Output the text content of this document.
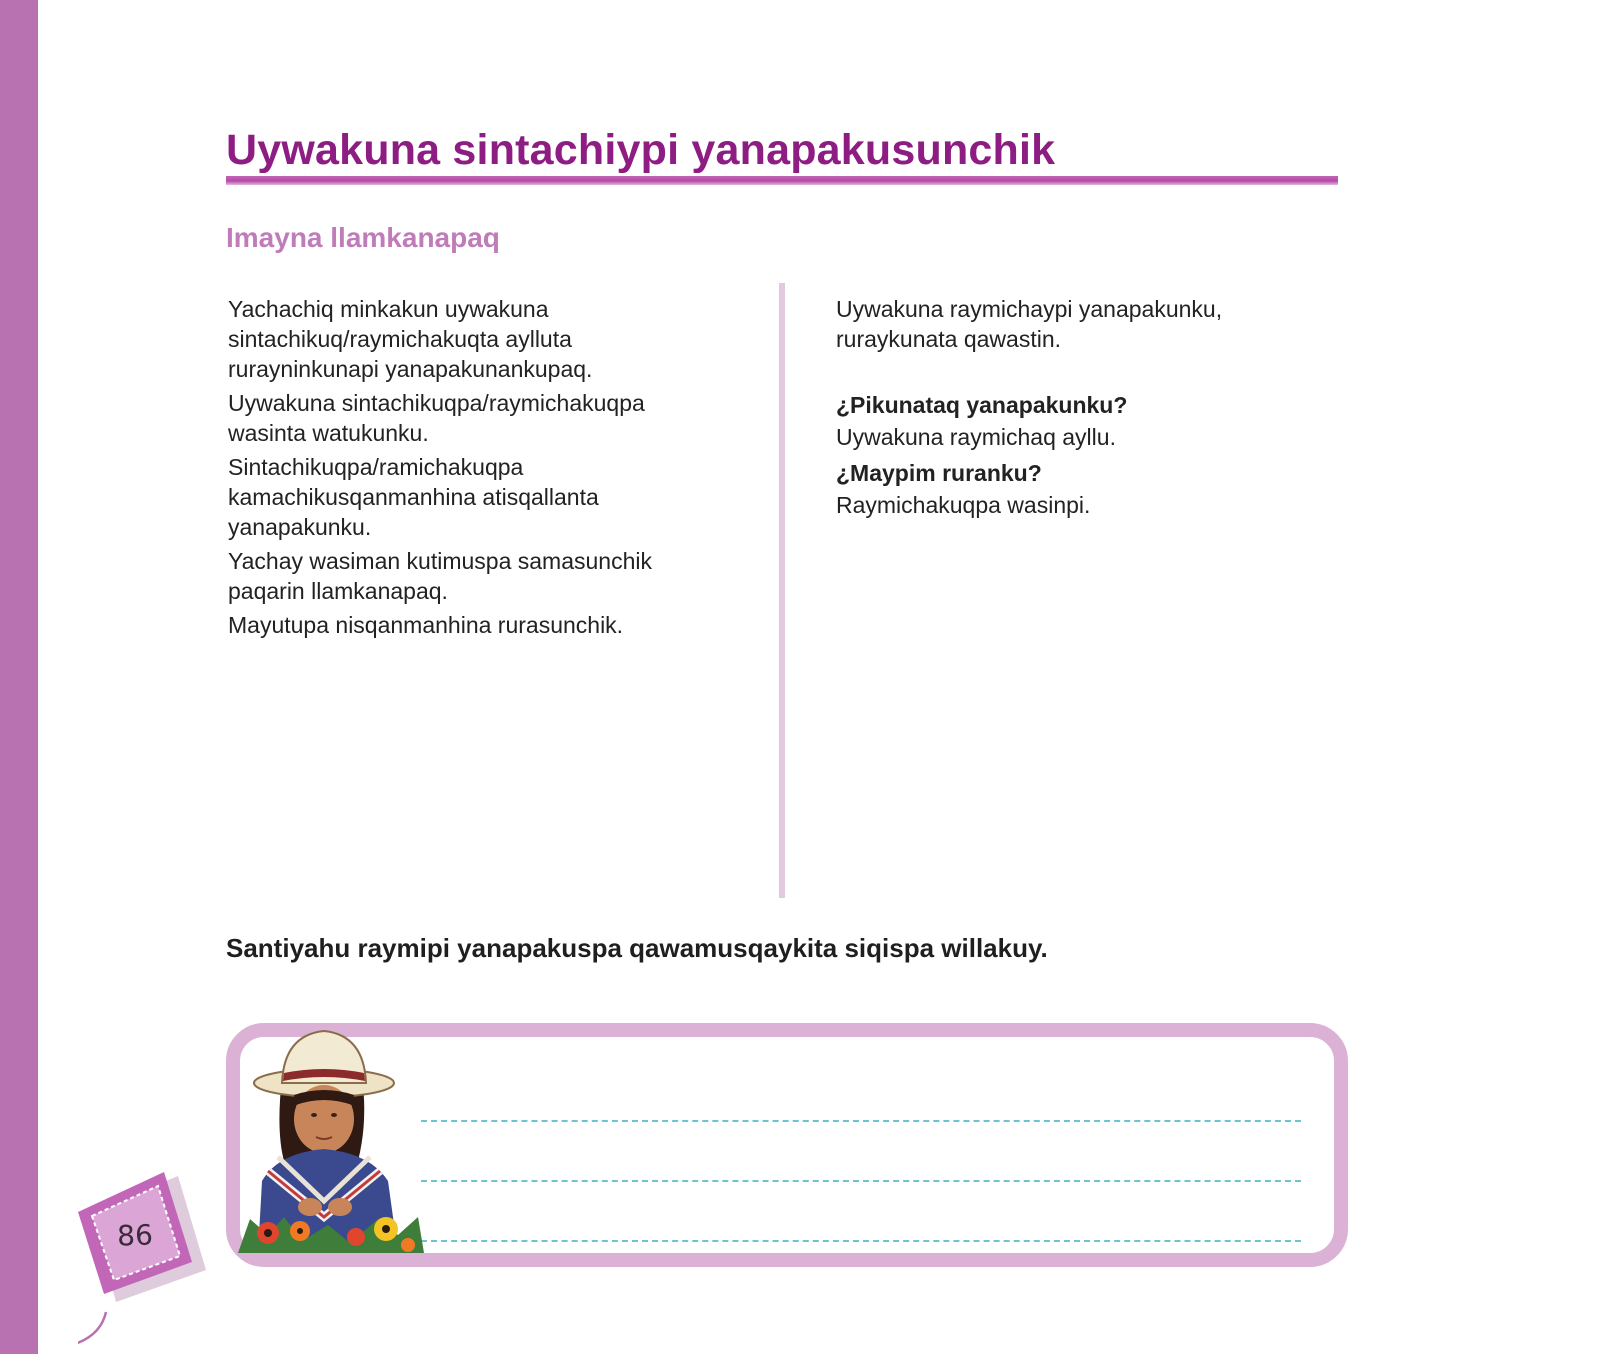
Uywakuna sintachiypi yanapakusunchik
Imayna llamkanapaq

Yachachiq minkakun uywakuna sintachikuq/raymichakuqta aylluta rurayninkunapi yanapakunankupaq.

Uywakuna sintachikuqpa/raymichakuqpa wasinta watukunku.

Sintachikuqpa/ramichakuqpa kamachikusqanmanhina atisqallanta yanapakunku.

Yachay wasiman kutimuspa samasunchik paqarin llamkanapaq.

Mayutupa nisqanmanhina rurasunchik.

Uywakuna raymichaypi yanapakunku, ruraykunata qawastin.

¿Pikunataq yanapakunku?

Uywakuna raymichaq ayllu.

¿Maypim ruranku?

Raymichakuqpa wasinpi.

Santiyahu raymipi yanapakuspa qawamusqaykita siqispa willakuy.

86
